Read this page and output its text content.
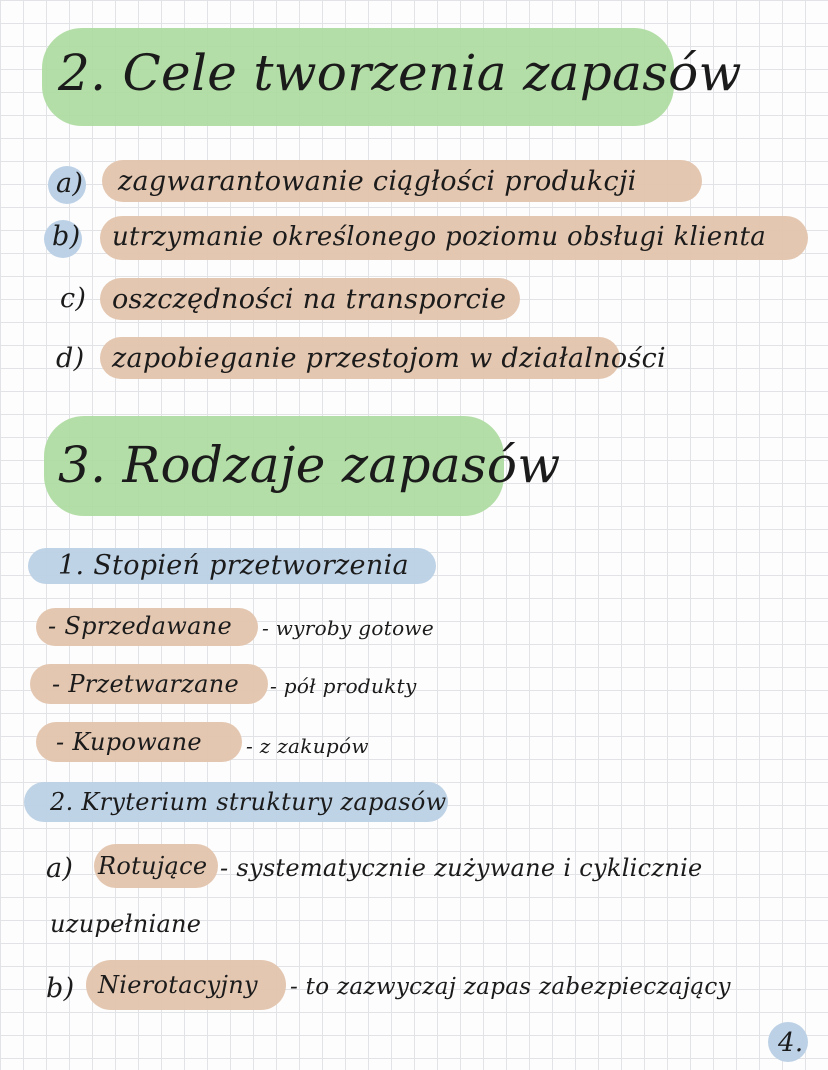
2. Cele tworzenia zapasów
a) zagwarantowanie ciągłości produkcji
b) utrzymanie określonego poziomu obsługi klienta
c) oszczędności na transporcie
d) zapobieganie przestojom w działalności
3. Rodzaje zapasów
1. Stopień przetworzenia
- Sprzedawane - wyroby gotowe
- Przetwarzane - pół produkty
- Kupowane - z zakupów
2. Kryterium struktury zapasów
a) Rotujące - systematycznie zużywane i cyklicznie
uzupełniane
b) Nierotacyjny - to zazwyczaj zapas zabezpieczający
4.
